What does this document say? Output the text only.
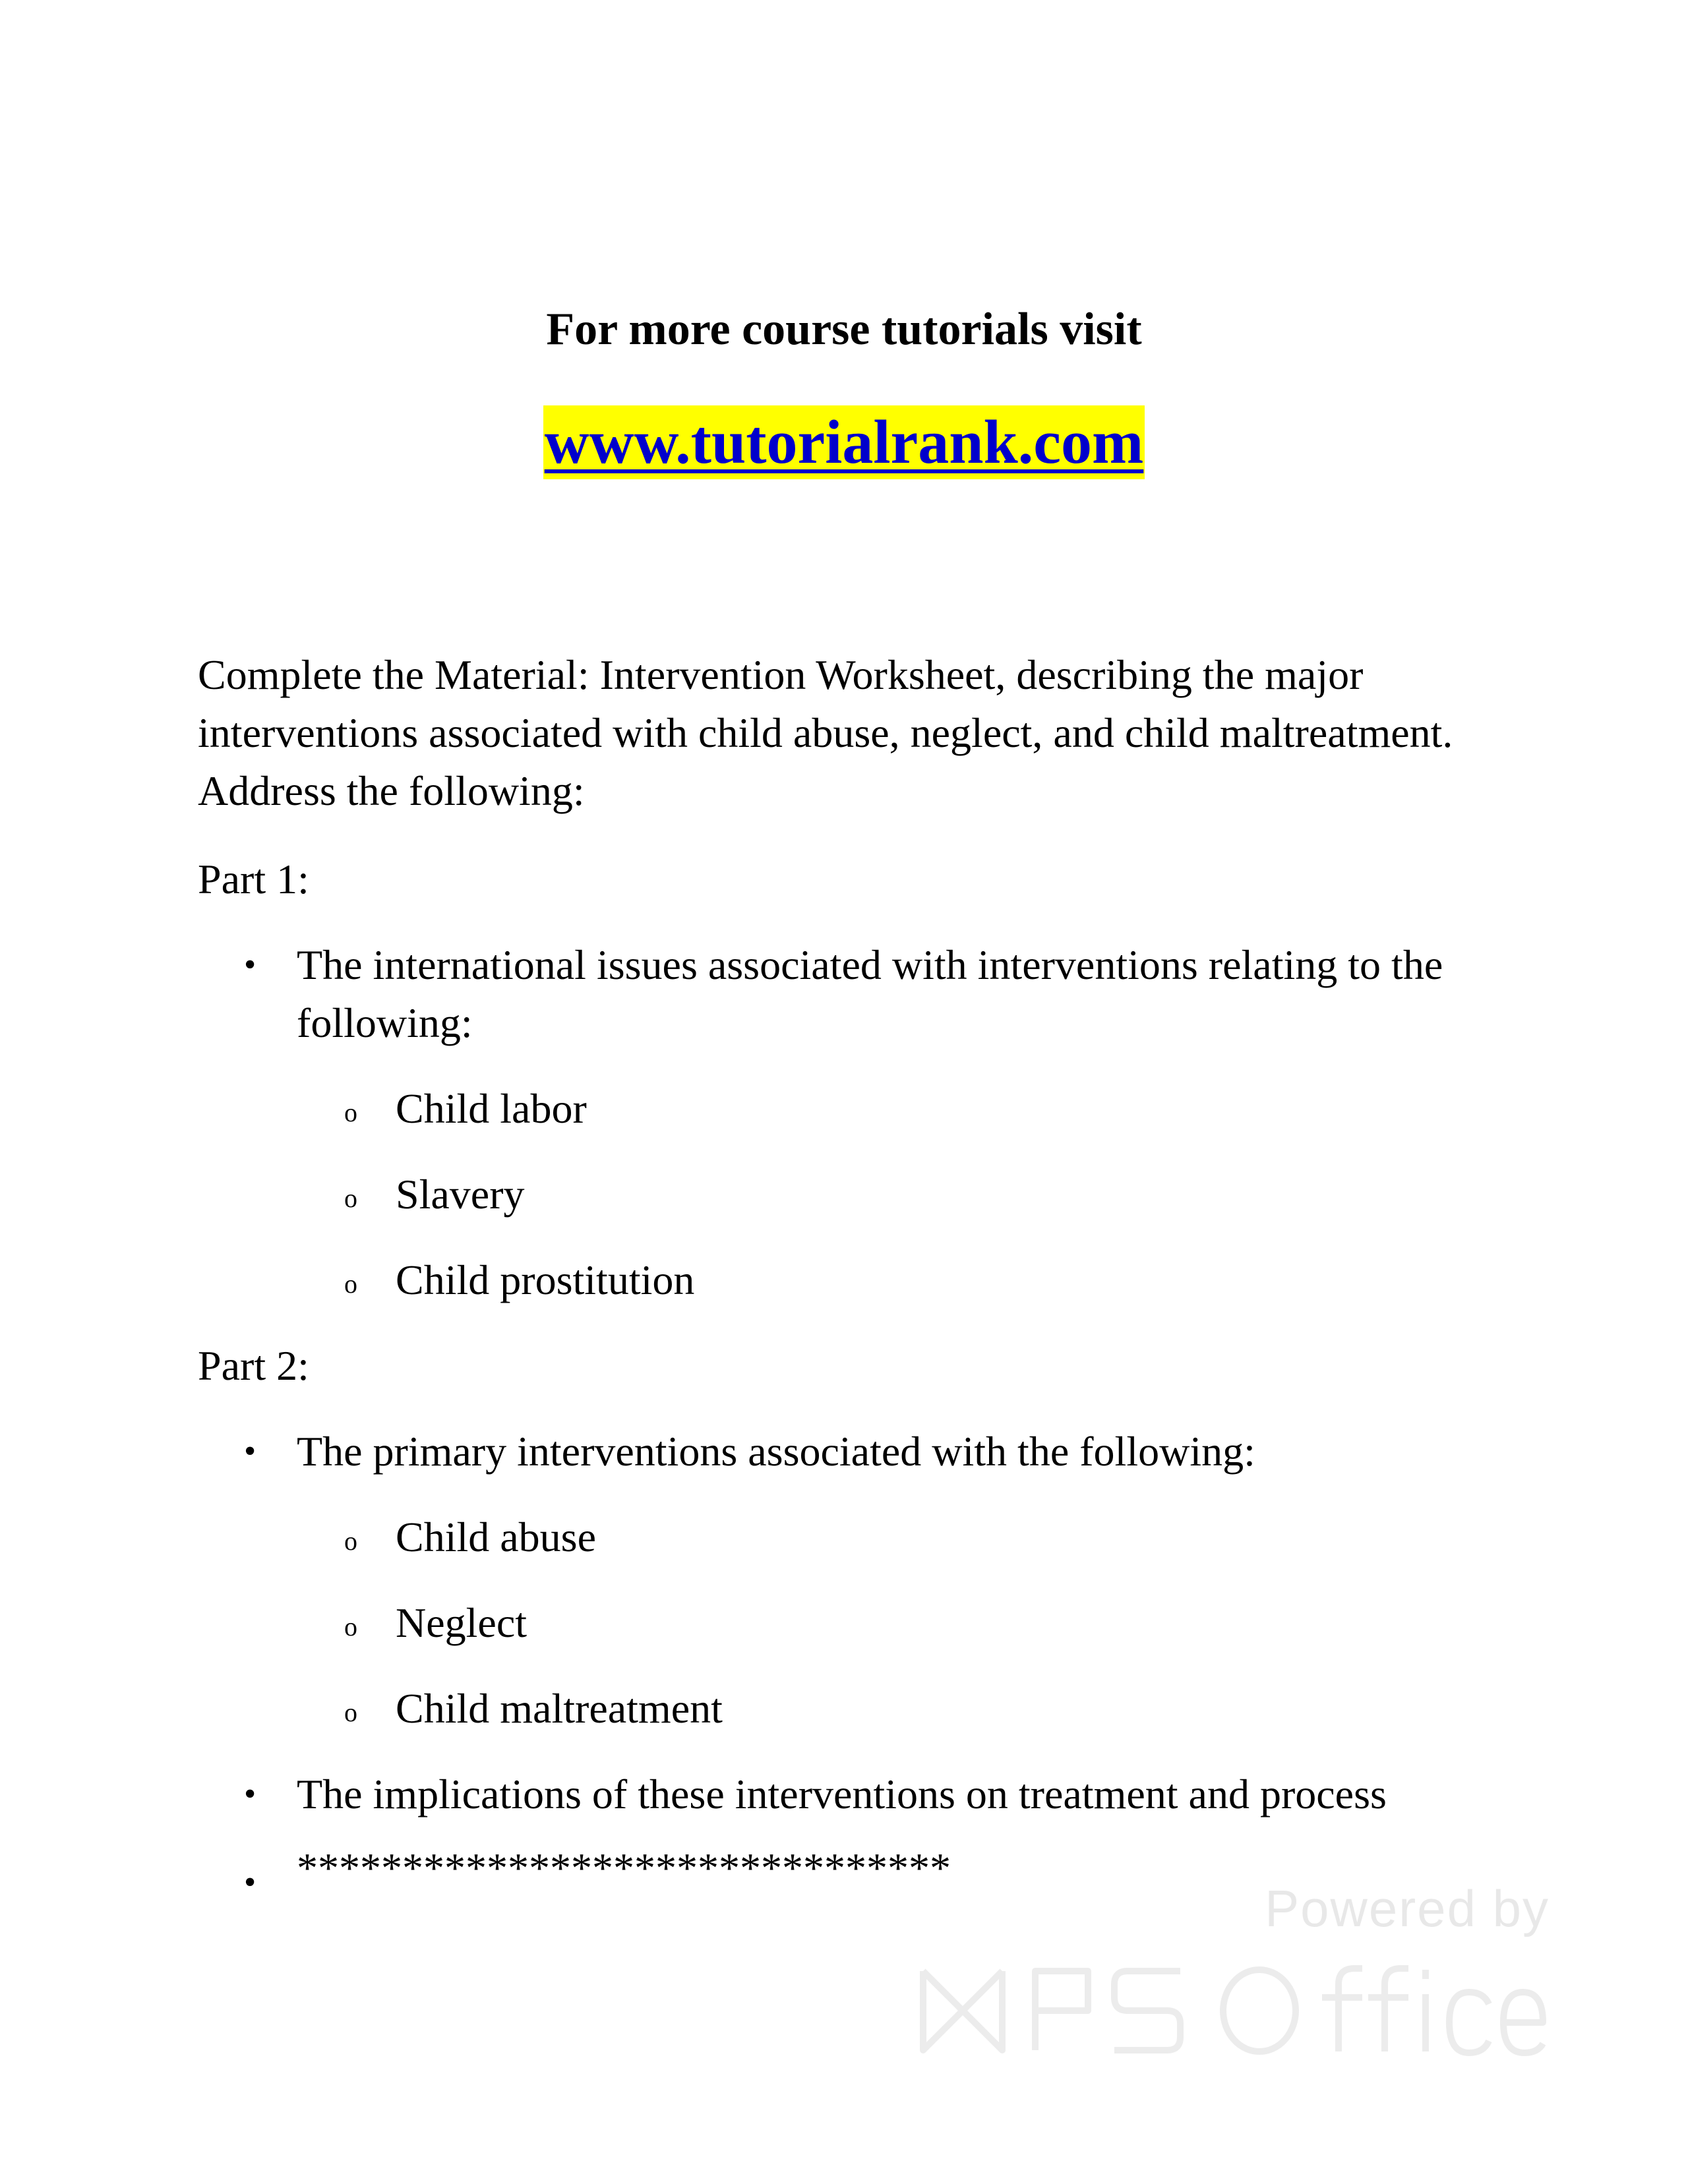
For more course tutorials visit
www.tutorialrank.com

Complete the Material: Intervention Worksheet, describing the major interventions associated with child abuse, neglect, and child maltreatment. Address the following:

Part 1:

• The international issues associated with interventions relating to the following:
o Child labor
o Slavery
o Child prostitution

Part 2:

• The primary interventions associated with the following:
o Child abuse
o Neglect
o Child maltreatment
• The implications of these interventions on treatment and process
• *******************************
Powered by
